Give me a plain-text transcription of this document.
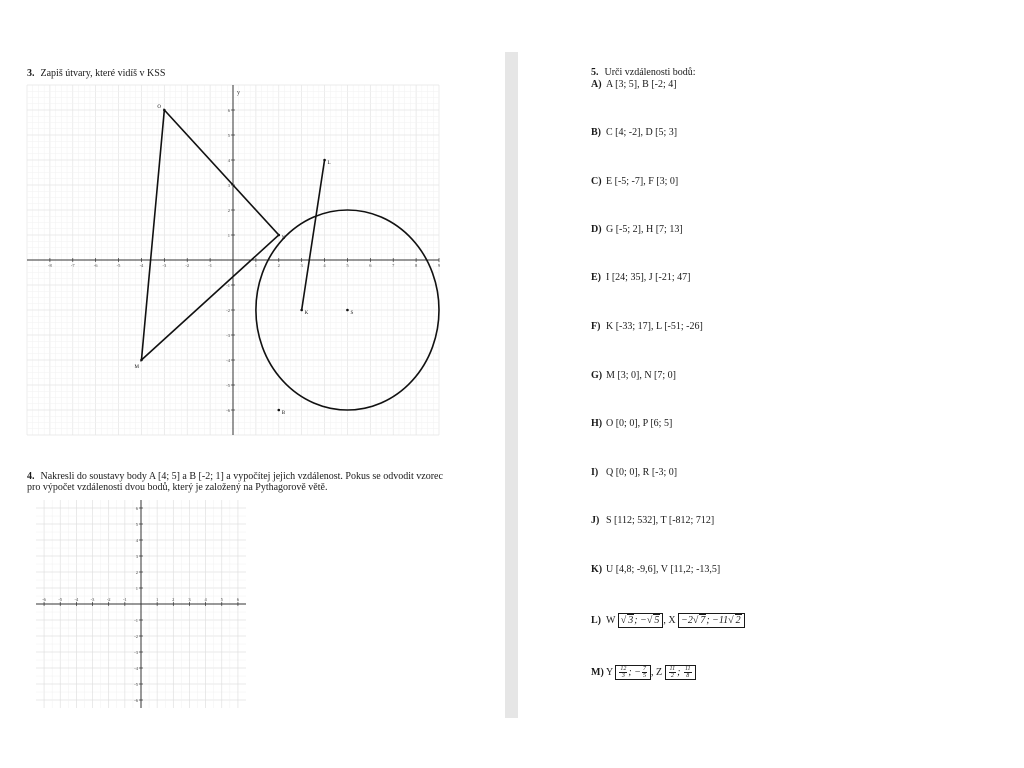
3. Zapiš útvary, které vidíš v KSS
y
-8	-7	-6	-5	-4	-3	-2	-1	1	2	3	4	5	6	7	8	9
6
5
4
3
2
1
-1
-2
-3
-4
-5
-6
O
N
M
L
K	S
B
4. Nakresli do soustavy body A [4; 5] a B [-2; 1] a vypočítej jejich vzdálenost. Pokus se odvodit vzorec pro výpočet vzdálenosti dvou bodů, který je založený na Pythagorově větě.
-6	-5	-4	-3	-2	-1	1	2	3	4	5	6
6
5
4
3
2
1
-1
-2
-3
-4
-5
-6
5. Urči vzdálenosti bodů:
A) A [3; 5], B [-2; 4]
B) C [4; -2], D [5; 3]
C) E [-5; -7], F [3; 0]
D) G [-5; 2], H [7; 13]
E) I [24; 35], J [-21; 47]
F) K [-33; 17], L [-51; -26]
G) M [3; 0], N [7; 0]
H) O [0; 0], P [6; 5]
I) Q [0; 0], R [-3; 0]
J) S [112; 532], T [-812; 712]
K) U [4,8; -9,6], V [11,2; -13,5]
L) W √ 3; −√ 5 , X −2√ 7; −11√ 2
M) Y $\frac{12}{3}$ ; − $\frac{7}{5}$ , Z $\frac{11}{2}$ ; $\frac{11}{8}$
